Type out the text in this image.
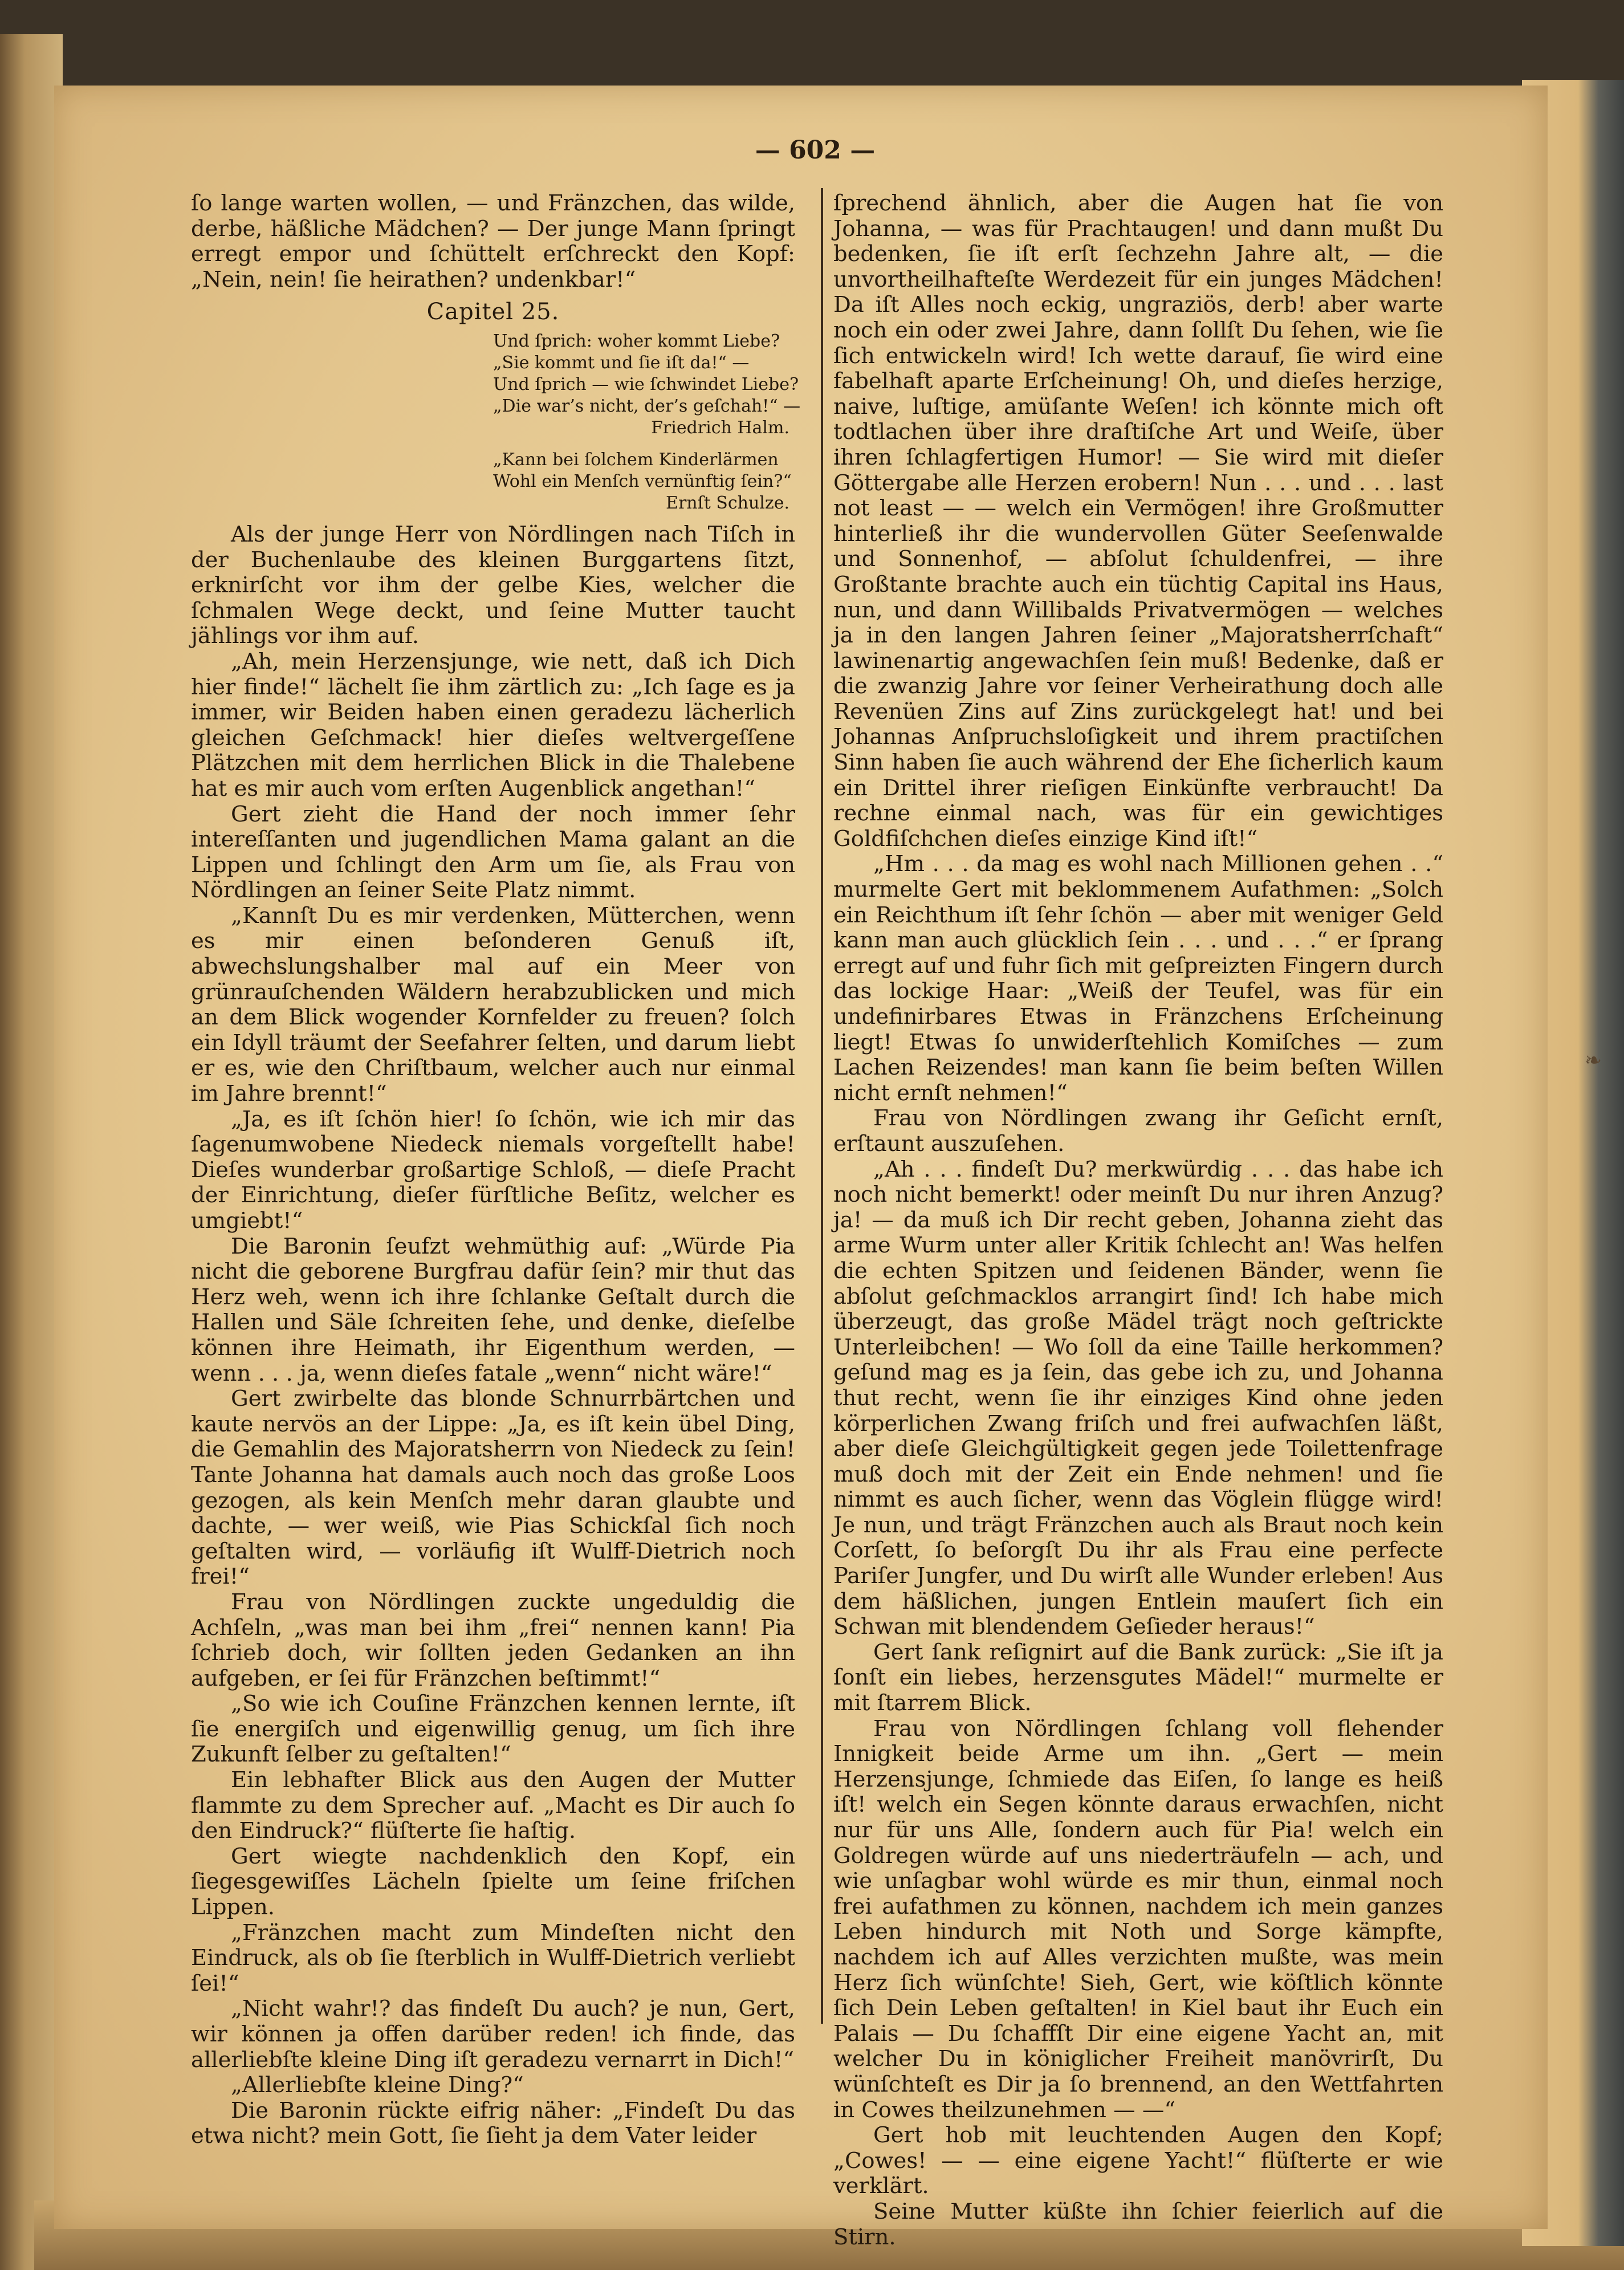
— 602 —

ſo lange warten wollen, — und Fränzchen, das wilde, derbe, häßliche Mädchen? — Der junge Mann ſpringt erregt empor und ſchüttelt erſchreckt den Kopf: „Nein, nein! ſie heirathen? undenkbar!“

Capitel 25.
Und ſprich: woher kommt Liebe?
„Sie kommt und ſie iſt da!“ —
Und ſprich — wie ſchwindet Liebe?
„Die war’s nicht, der’s geſchah!“ —
Friedrich Halm.
„Kann bei ſolchem Kinderlärmen
Wohl ein Menſch vernünftig ſein?“
Ernſt Schulze.

Als der junge Herr von Nördlingen nach Tiſch in der Buchenlaube des kleinen Burggartens ſitzt, erknirſcht vor ihm der gelbe Kies, welcher die ſchmalen Wege deckt, und ſeine Mutter taucht jählings vor ihm auf.

„Ah, mein Herzensjunge, wie nett, daß ich Dich hier finde!“ lächelt ſie ihm zärtlich zu: „Ich ſage es ja immer, wir Beiden haben einen geradezu lächerlich gleichen Geſchmack! hier dieſes weltvergeſſene Plätzchen mit dem herrlichen Blick in die Thalebene hat es mir auch vom erſten Augenblick angethan!“

Gert zieht die Hand der noch immer ſehr intereſſanten und jugendlichen Mama galant an die Lippen und ſchlingt den Arm um ſie, als Frau von Nördlingen an ſeiner Seite Platz nimmt.

„Kannſt Du es mir verdenken, Mütterchen, wenn es mir einen beſonderen Genuß iſt, abwechslungshalber mal auf ein Meer von grünrauſchenden Wäldern herabzublicken und mich an dem Blick wogender Kornfelder zu freuen? ſolch ein Idyll träumt der Seefahrer ſelten, und darum liebt er es, wie den Chriſtbaum, welcher auch nur einmal im Jahre brennt!“

„Ja, es iſt ſchön hier! ſo ſchön, wie ich mir das ſagenumwobene Niedeck niemals vorgeſtellt habe! Dieſes wunderbar großartige Schloß, — dieſe Pracht der Einrichtung, dieſer fürſtliche Beſitz, welcher es umgiebt!“

Die Baronin ſeufzt wehmüthig auf: „Würde Pia nicht die geborene Burgfrau dafür ſein? mir thut das Herz weh, wenn ich ihre ſchlanke Geſtalt durch die Hallen und Säle ſchreiten ſehe, und denke, dieſelbe können ihre Heimath, ihr Eigenthum werden, — wenn . . . ja, wenn dieſes fatale „wenn“ nicht wäre!“

Gert zwirbelte das blonde Schnurrbärtchen und kaute nervös an der Lippe: „Ja, es iſt kein übel Ding, die Gemahlin des Majoratsherrn von Niedeck zu ſein! Tante Johanna hat damals auch noch das große Loos gezogen, als kein Menſch mehr daran glaubte und dachte, — wer weiß, wie Pias Schickſal ſich noch geſtalten wird, — vorläufig iſt Wulff-Dietrich noch frei!“

Frau von Nördlingen zuckte ungeduldig die Achſeln, „was man bei ihm „frei“ nennen kann! Pia ſchrieb doch, wir ſollten jeden Gedanken an ihn aufgeben, er ſei für Fränzchen beſtimmt!“

„So wie ich Couſine Fränzchen kennen lernte, iſt ſie energiſch und eigenwillig genug, um ſich ihre Zukunft ſelber zu geſtalten!“

Ein lebhafter Blick aus den Augen der Mutter flammte zu dem Sprecher auf. „Macht es Dir auch ſo den Eindruck?“ flüſterte ſie haſtig.

Gert wiegte nachdenklich den Kopf, ein ſiegesgewiſſes Lächeln ſpielte um ſeine friſchen Lippen.

„Fränzchen macht zum Mindeſten nicht den Eindruck, als ob ſie ſterblich in Wulff-Dietrich verliebt ſei!“

„Nicht wahr!? das findeſt Du auch? je nun, Gert, wir können ja offen darüber reden! ich finde, das allerliebſte kleine Ding iſt geradezu vernarrt in Dich!“

„Allerliebſte kleine Ding?“

Die Baronin rückte eifrig näher: „Findeſt Du das etwa nicht? mein Gott, ſie ſieht ja dem Vater leider

ſprechend ähnlich, aber die Augen hat ſie von Johanna, — was für Prachtaugen! und dann mußt Du bedenken, ſie iſt erſt ſechzehn Jahre alt, — die unvortheilhafteſte Werdezeit für ein junges Mädchen! Da iſt Alles noch eckig, ungraziös, derb! aber warte noch ein oder zwei Jahre, dann ſollſt Du ſehen, wie ſie ſich entwickeln wird! Ich wette darauf, ſie wird eine fabelhaft aparte Erſcheinung! Oh, und dieſes herzige, naive, luſtige, amüſante Weſen! ich könnte mich oft todtlachen über ihre draſtiſche Art und Weiſe, über ihren ſchlagfertigen Humor! — Sie wird mit dieſer Göttergabe alle Herzen erobern! Nun . . . und . . . last not least — — welch ein Vermögen! ihre Großmutter hinterließ ihr die wundervollen Güter Seeſenwalde und Sonnenhof, — abſolut ſchuldenfrei, — ihre Großtante brachte auch ein tüchtig Capital ins Haus, nun, und dann Willibalds Privatvermögen — welches ja in den langen Jahren ſeiner „Majoratsherrſchaft“ lawinenartig angewachſen ſein muß! Bedenke, daß er die zwanzig Jahre vor ſeiner Verheirathung doch alle Revenüen Zins auf Zins zurückgelegt hat! und bei Johannas Anſpruchsloſigkeit und ihrem practiſchen Sinn haben ſie auch während der Ehe ſicherlich kaum ein Drittel ihrer rieſigen Einkünfte verbraucht! Da rechne einmal nach, was für ein gewichtiges Goldfiſchchen dieſes einzige Kind iſt!“

„Hm . . . da mag es wohl nach Millionen gehen . .“ murmelte Gert mit beklommenem Aufathmen: „Solch ein Reichthum iſt ſehr ſchön — aber mit weniger Geld kann man auch glücklich ſein . . . und . . .“ er ſprang erregt auf und fuhr ſich mit geſpreizten Fingern durch das lockige Haar: „Weiß der Teufel, was für ein undefinirbares Etwas in Fränzchens Erſcheinung liegt! Etwas ſo unwiderſtehlich Komiſches — zum Lachen Reizendes! man kann ſie beim beſten Willen nicht ernſt nehmen!“

Frau von Nördlingen zwang ihr Geſicht ernſt, erſtaunt auszuſehen.

„Ah . . . findeſt Du? merkwürdig . . . das habe ich noch nicht bemerkt! oder meinſt Du nur ihren Anzug? ja! — da muß ich Dir recht geben, Johanna zieht das arme Wurm unter aller Kritik ſchlecht an! Was helfen die echten Spitzen und ſeidenen Bänder, wenn ſie abſolut geſchmacklos arrangirt ſind! Ich habe mich überzeugt, das große Mädel trägt noch geſtrickte Unterleibchen! — Wo ſoll da eine Taille herkommen? geſund mag es ja ſein, das gebe ich zu, und Johanna thut recht, wenn ſie ihr einziges Kind ohne jeden körperlichen Zwang friſch und frei aufwachſen läßt, aber dieſe Gleichgültigkeit gegen jede Toilettenfrage muß doch mit der Zeit ein Ende nehmen! und ſie nimmt es auch ſicher, wenn das Vöglein flügge wird! Je nun, und trägt Fränzchen auch als Braut noch kein Corſett, ſo beſorgſt Du ihr als Frau eine perfecte Pariſer Jungfer, und Du wirſt alle Wunder erleben! Aus dem häßlichen, jungen Entlein mauſert ſich ein Schwan mit blendendem Geſieder heraus!“

Gert ſank reſignirt auf die Bank zurück: „Sie iſt ja ſonſt ein liebes, herzensgutes Mädel!“ murmelte er mit ſtarrem Blick.

Frau von Nördlingen ſchlang voll flehender Innigkeit beide Arme um ihn. „Gert — mein Herzensjunge, ſchmiede das Eiſen, ſo lange es heiß iſt! welch ein Segen könnte daraus erwachſen, nicht nur für uns Alle, ſondern auch für Pia! welch ein Goldregen würde auf uns niederträufeln — ach, und wie unſagbar wohl würde es mir thun, einmal noch frei aufathmen zu können, nachdem ich mein ganzes Leben hindurch mit Noth und Sorge kämpfte, nachdem ich auf Alles verzichten mußte, was mein Herz ſich wünſchte! Sieh, Gert, wie köſtlich könnte ſich Dein Leben geſtalten! in Kiel baut ihr Euch ein Palais — Du ſchaffſt Dir eine eigene Yacht an, mit welcher Du in königlicher Freiheit manövrirſt, Du wünſchteſt es Dir ja ſo brennend, an den Wettfahrten in Cowes theilzunehmen — —“

Gert hob mit leuchtenden Augen den Kopf; „Cowes! — — eine eigene Yacht!“ flüſterte er wie verklärt.

Seine Mutter küßte ihn ſchier feierlich auf die Stirn.

❧
